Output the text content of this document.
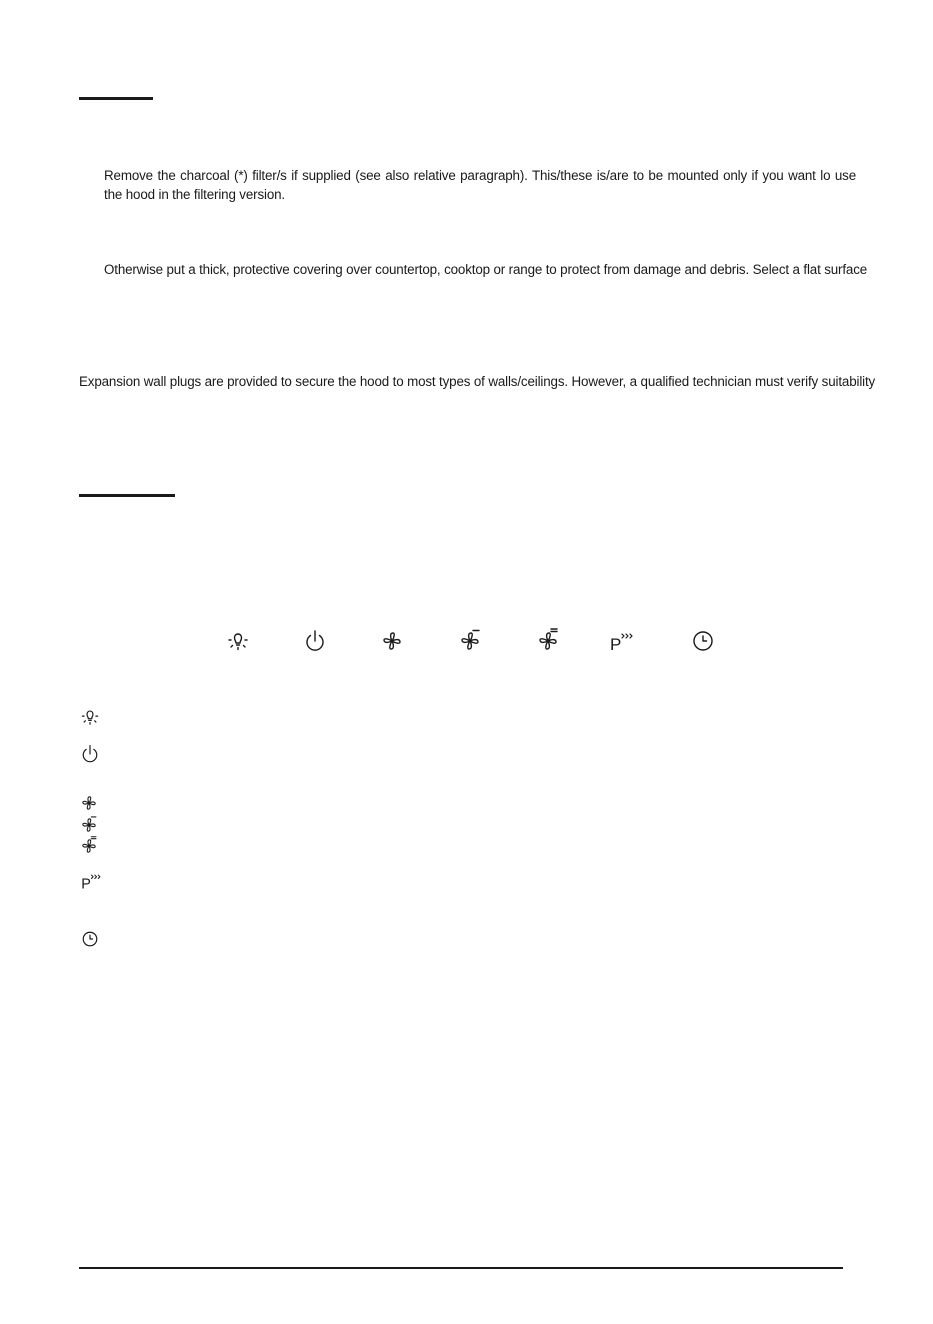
Remove the charcoal (*) filter/s if supplied (see also relative paragraph). This/these is/are to be mounted only if you want lo use the hood in the filtering version.
Otherwise put a thick, protective covering over countertop, cooktop or range to protect from damage and debris. Select a flat surface
Expansion wall plugs are provided to secure the hood to most types of walls/ceilings. However, a qualified technician must verify suitability
P
P
